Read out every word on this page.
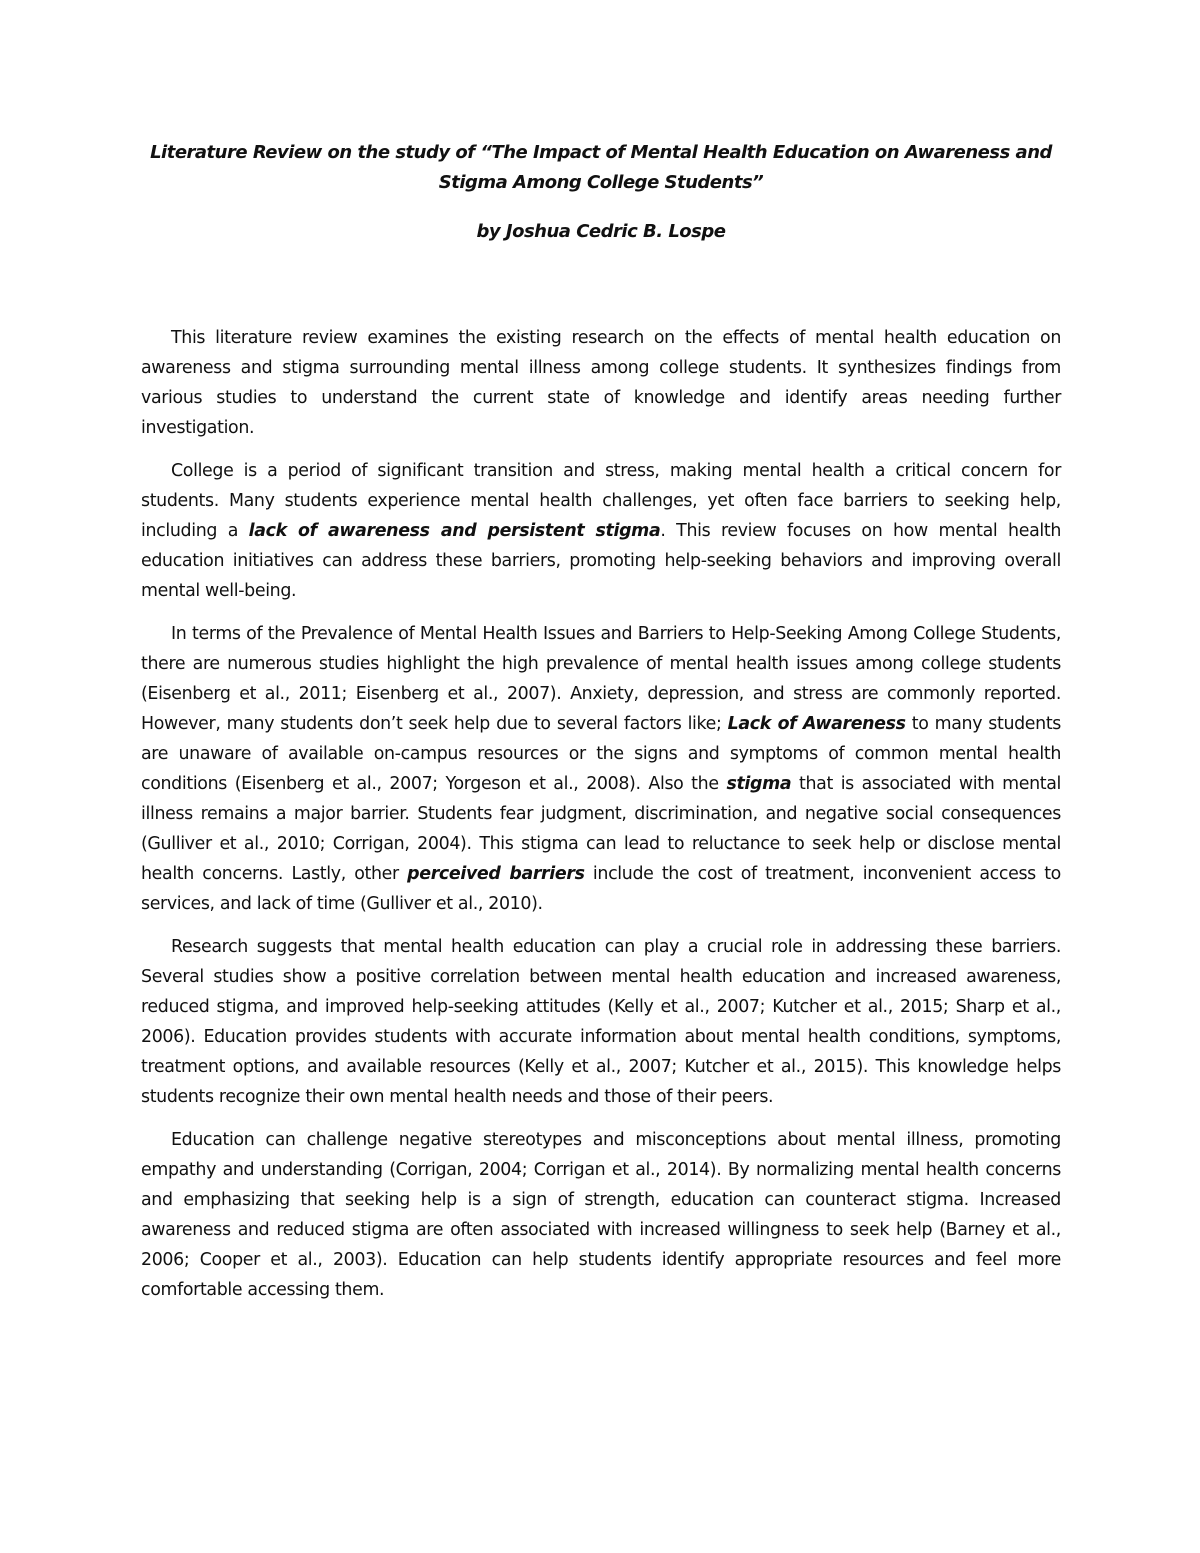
Literature Review on the study of “The Impact of Mental Health Education on Awareness and Stigma Among College Students”

by Joshua Cedric B. Lospe

This literature review examines the existing research on the effects of mental health education on awareness and stigma surrounding mental illness among college students. It synthesizes findings from various studies to understand the current state of knowledge and identify areas needing further investigation.

College is a period of significant transition and stress, making mental health a critical concern for students. Many students experience mental health challenges, yet often face barriers to seeking help, including a lack of awareness and persistent stigma. This review focuses on how mental health education initiatives can address these barriers, promoting help-seeking behaviors and improving overall mental well-being.

In terms of the Prevalence of Mental Health Issues and Barriers to Help-Seeking Among College Students, there are numerous studies highlight the high prevalence of mental health issues among college students (Eisenberg et al., 2011; Eisenberg et al., 2007). Anxiety, depression, and stress are commonly reported. However, many students don’t seek help due to several factors like; Lack of Awareness to many students are unaware of available on-campus resources or the signs and symptoms of common mental health conditions (Eisenberg et al., 2007; Yorgeson et al., 2008). Also the stigma that is associated with mental illness remains a major barrier. Students fear judgment, discrimination, and negative social consequences (Gulliver et al., 2010; Corrigan, 2004). This stigma can lead to reluctance to seek help or disclose mental health concerns. Lastly, other perceived barriers include the cost of treatment, inconvenient access to services, and lack of time (Gulliver et al., 2010).

Research suggests that mental health education can play a crucial role in addressing these barriers. Several studies show a positive correlation between mental health education and increased awareness, reduced stigma, and improved help-seeking attitudes (Kelly et al., 2007; Kutcher et al., 2015; Sharp et al., 2006). Education provides students with accurate information about mental health conditions, symptoms, treatment options, and available resources (Kelly et al., 2007; Kutcher et al., 2015). This knowledge helps students recognize their own mental health needs and those of their peers.

Education can challenge negative stereotypes and misconceptions about mental illness, promoting empathy and understanding (Corrigan, 2004; Corrigan et al., 2014). By normalizing mental health concerns and emphasizing that seeking help is a sign of strength, education can counteract stigma. Increased awareness and reduced stigma are often associated with increased willingness to seek help (Barney et al., 2006; Cooper et al., 2003). Education can help students identify appropriate resources and feel more comfortable accessing them.
